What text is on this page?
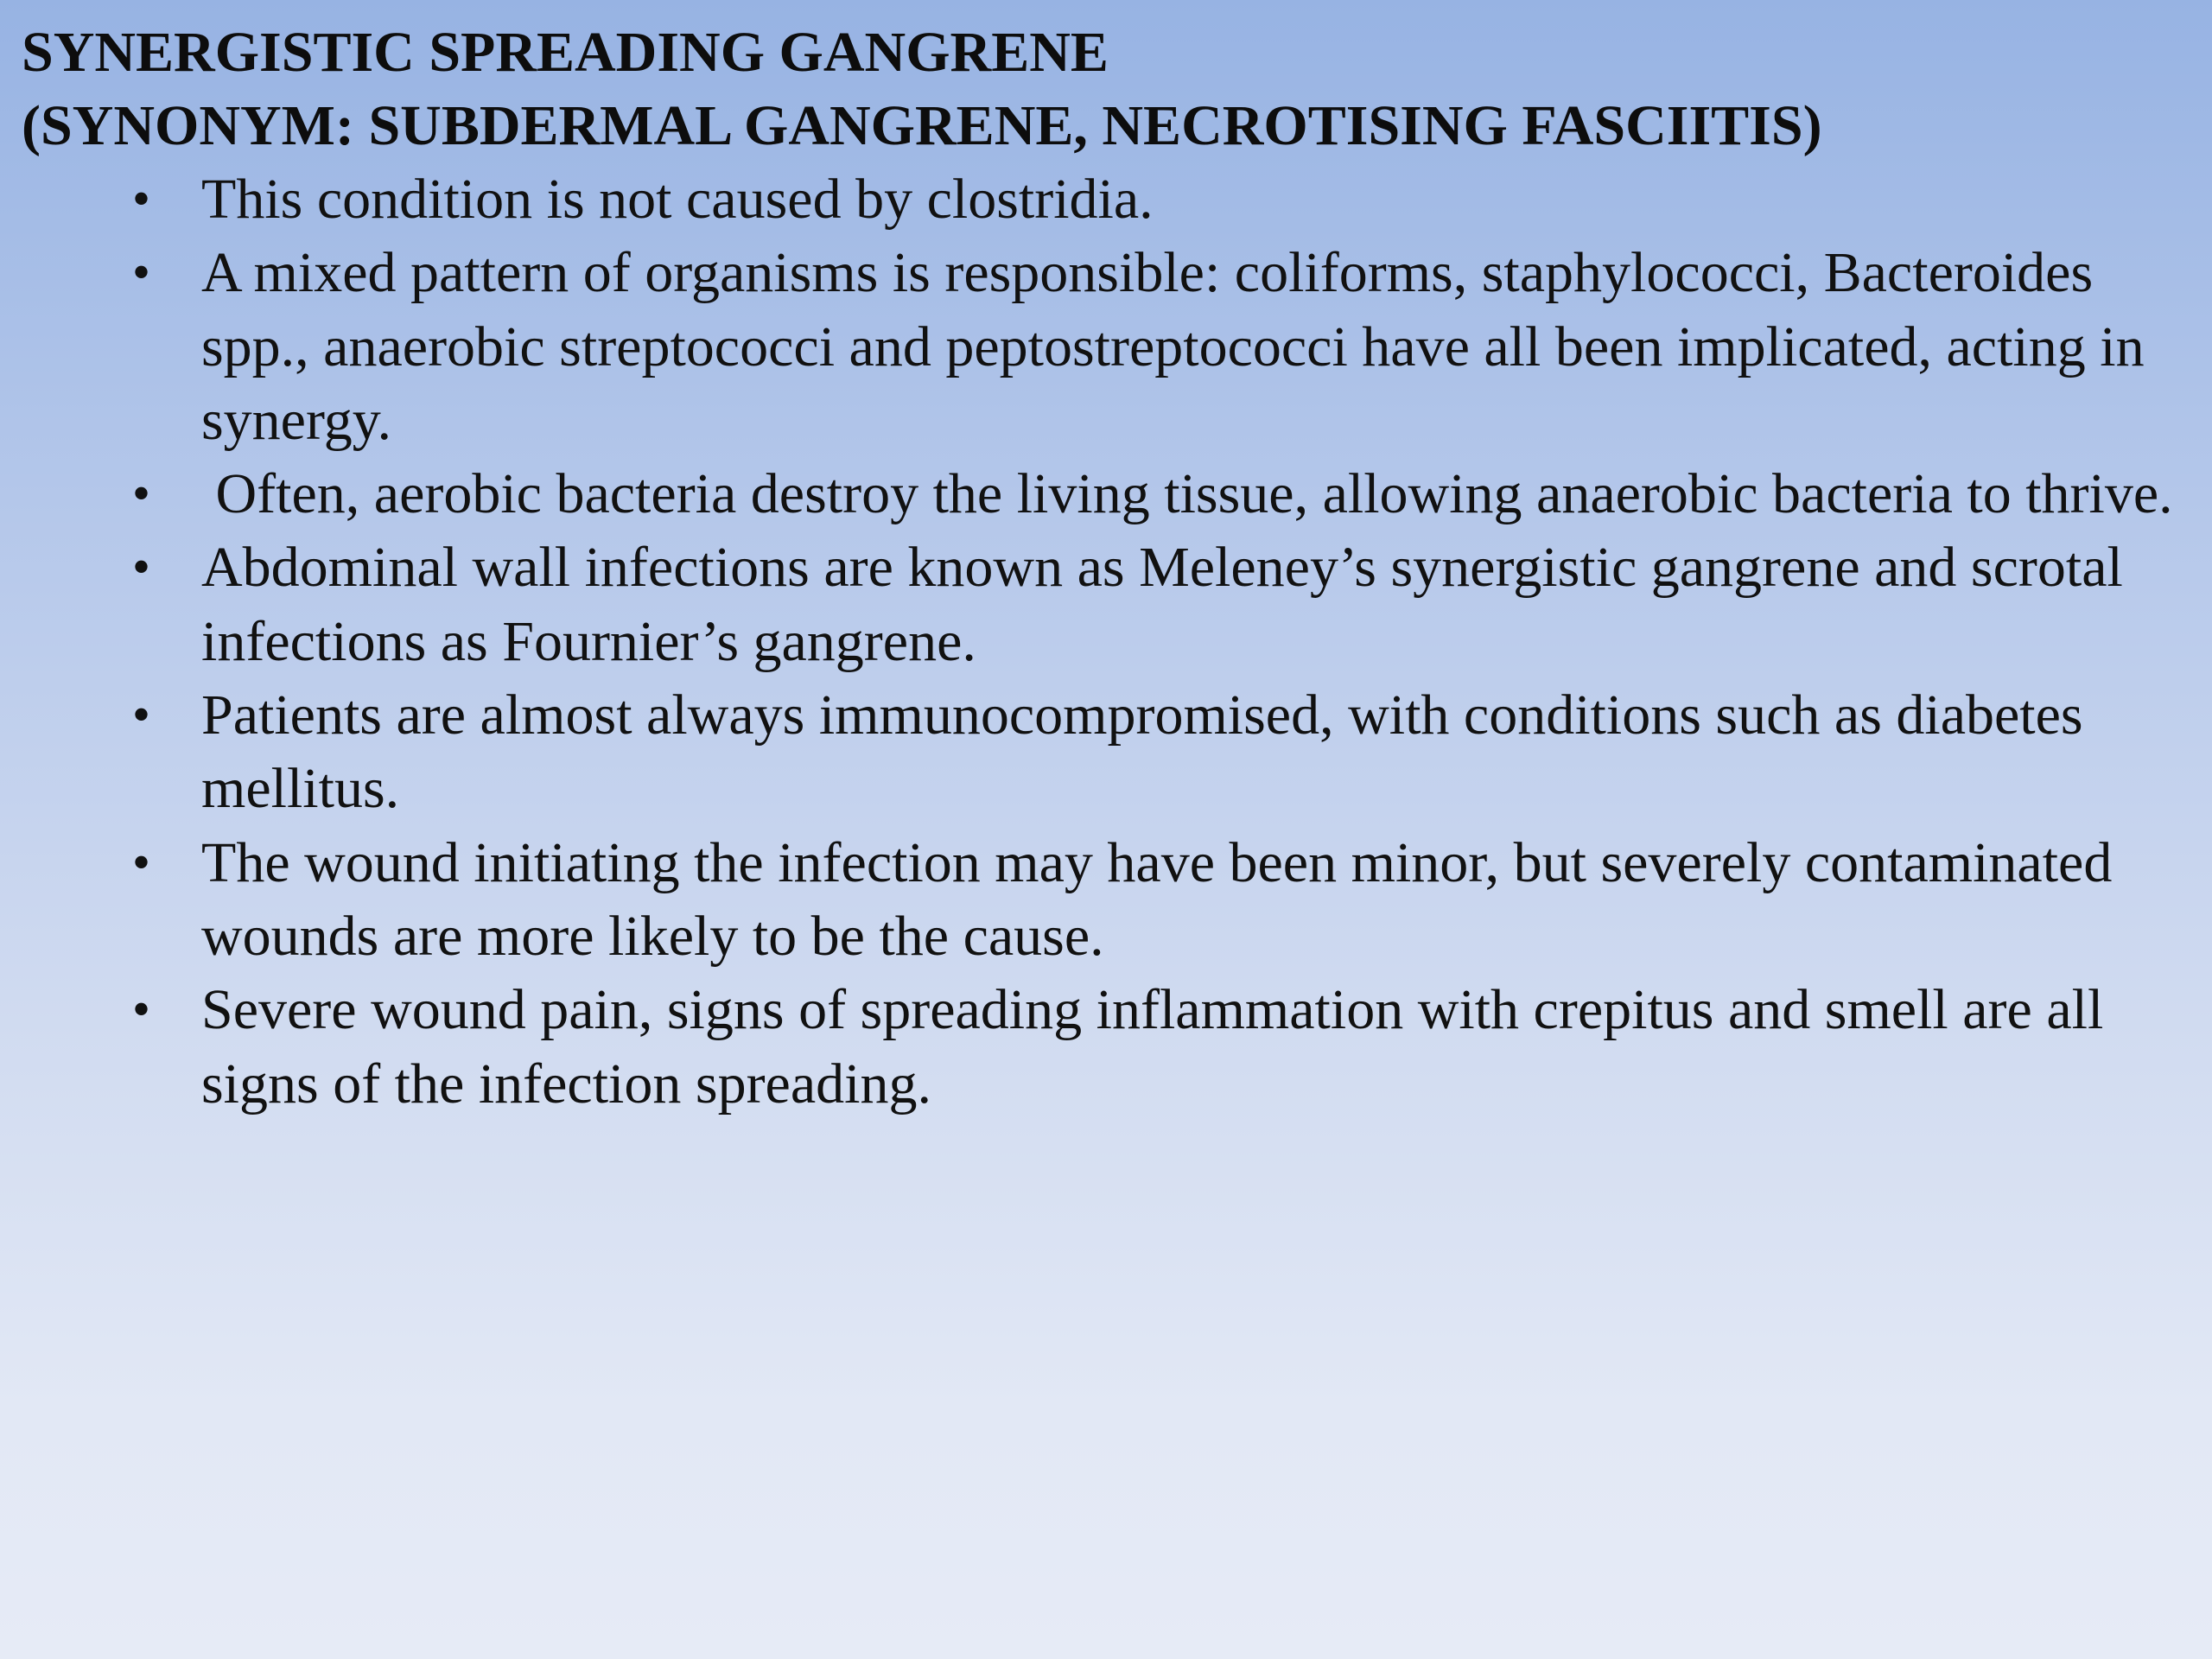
SYNERGISTIC SPREADING GANGRENE
(SYNONYM: SUBDERMAL GANGRENE, NECROTISING FASCIITIS)
• This condition is not caused by clostridia.
• A mixed pattern of organisms is responsible: coliforms, staphylococci, Bacteroides spp., anaerobic streptococci and peptostreptococci have all been implicated, acting in synergy.
• Often, aerobic bacteria destroy the living tissue, allowing anaerobic bacteria to thrive.
• Abdominal wall infections are known as Meleney’s synergistic gangrene and scrotal infections as Fournier’s gangrene.
• Patients are almost always immunocompromised, with conditions such as diabetes mellitus.
• The wound initiating the infection may have been minor, but severely contaminated wounds are more likely to be the cause.
• Severe wound pain, signs of spreading inflammation with crepitus and smell are all signs of the infection spreading.
